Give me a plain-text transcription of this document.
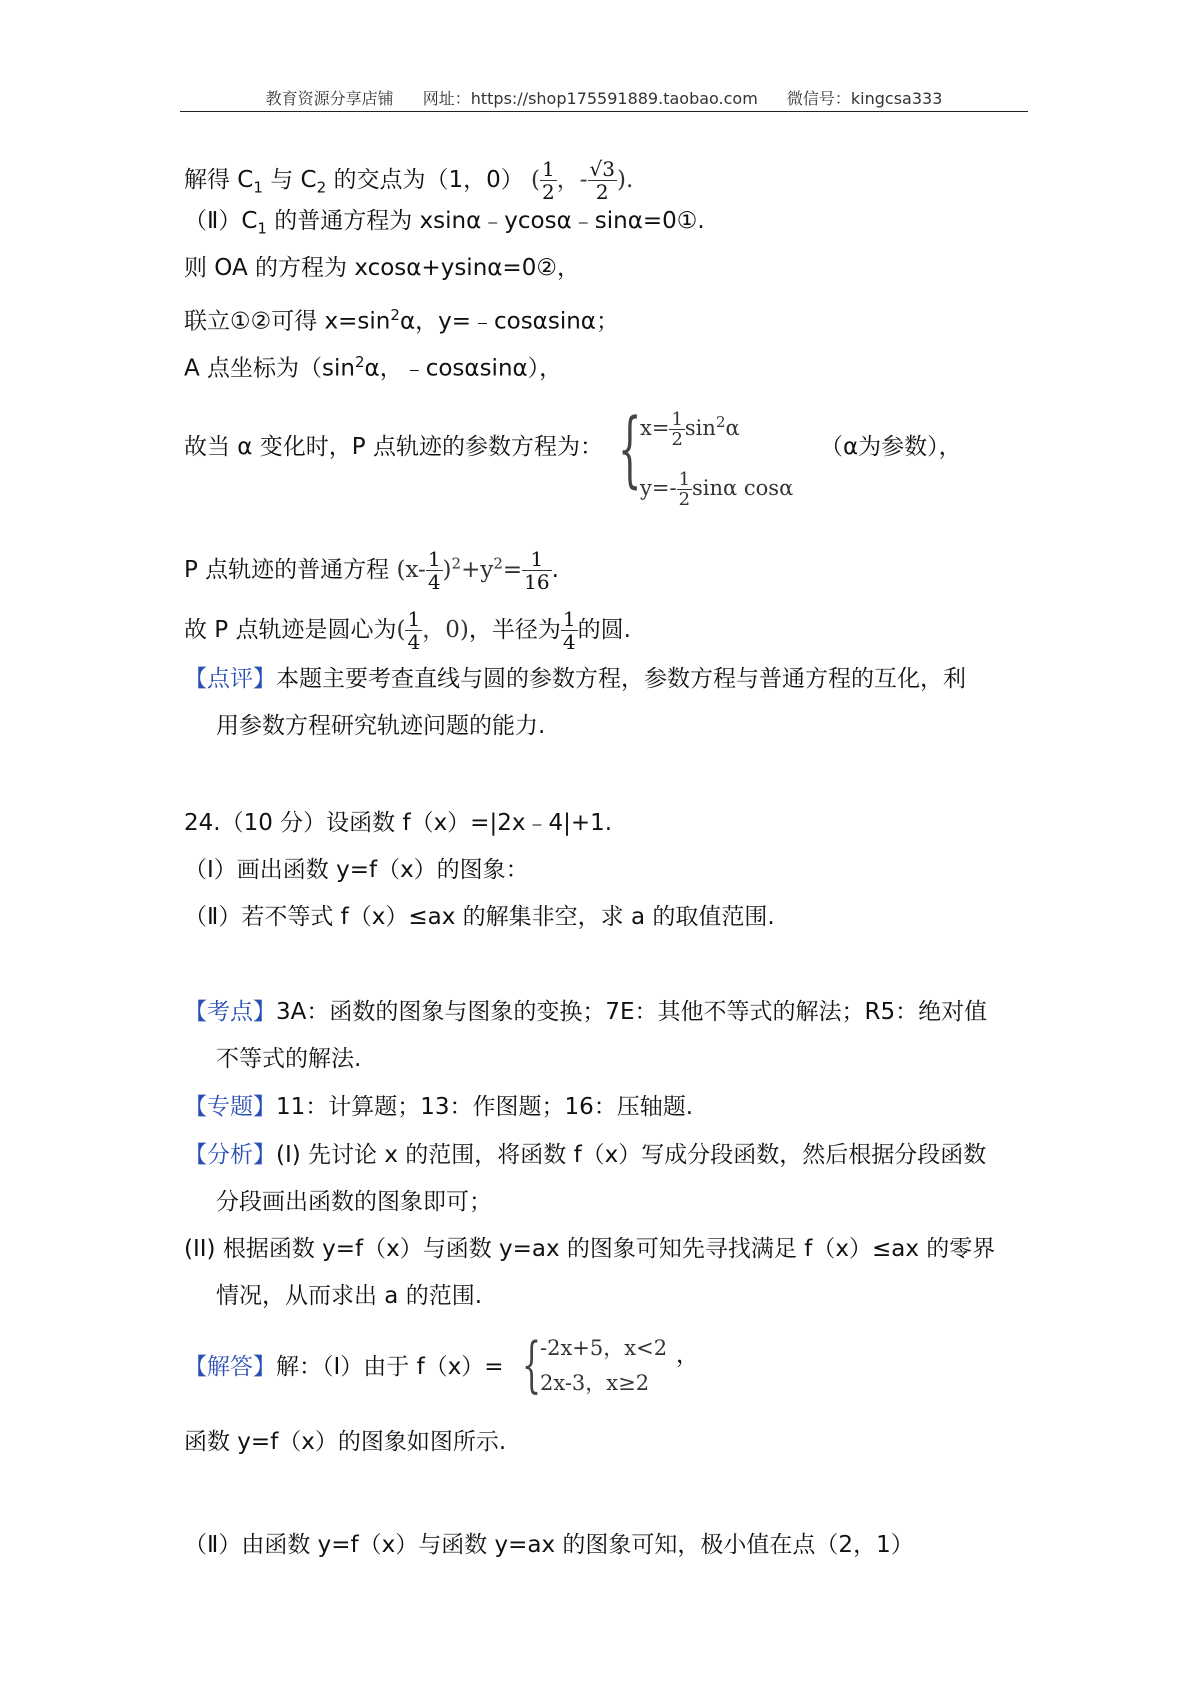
教育资源分享店铺 网址：https://shop175591889.taobao.com 微信号：kingcsa333
解得 $C_1$ 与 $C_2$ 的交点为（1，0） ( $\frac{1}{2}$ ，- $\frac{√3}{2}$ ).
$(Ⅱ)C_1$ 的普通方程为 xsinα﹣ycosα﹣sinα=0①.
则 OA 的方程为 xcosα+ysinα=0②，
联立①②可得 $x=\sin^2\alpha$，y=﹣cosαsinα；
A 点坐标为（$\sin^2\alpha$，﹣cosαsinα），
故当 α 变化时，P 点轨迹的参数方程为： {
$x= \frac{1}{2} \sin^2\alpha$
$y=- \frac{1}{2}$ sinα cosα
（α为参数），
P 点轨迹的普通方程 $(x- \frac{1}{4} )^2+y^2= \frac{1}{16}$ .
故 P 点轨迹是圆心为( $\frac{1}{4}$ ，0)，半径为 $\frac{1}{4}$ 的圆.
【点评】本题主要考查直线与圆的参数方程，参数方程与普通方程的互化，利
用参数方程研究轨迹问题的能力.
24.（10 分）设函数 f（x）=|2x﹣4|+1.
（Ⅰ）画出函数 y=f（x）的图象：
（Ⅱ）若不等式 f（x）≤ax 的解集非空，求 a 的取值范围.
【考点】3A：函数的图象与图象的变换；7E：其他不等式的解法；R5：绝对值
不等式的解法.
【专题】11：计算题；13：作图题；16：压轴题.
【分析】(I) 先讨论 x 的范围，将函数 f（x）写成分段函数，然后根据分段函数
分段画出函数的图象即可；
(II) 根据函数 y=f（x）与函数 y=ax 的图象可知先寻找满足 f（x）≤ax 的零界
情况，从而求出 a 的范围.
【解答】解：（Ⅰ）由于 f（x）= {
-2x+5，x<2
2x-3，x≥2
，
函数 y=f（x）的图象如图所示.
（Ⅱ）由函数 y=f（x）与函数 y=ax 的图象可知，极小值在点（2，1）
